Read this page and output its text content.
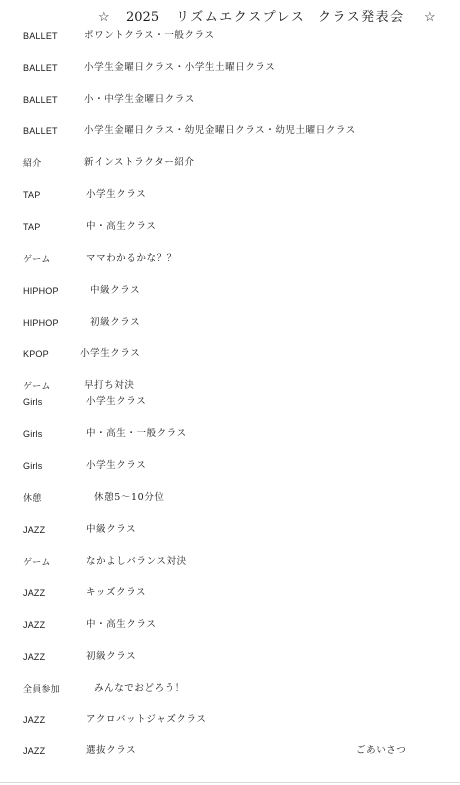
☆ 2025 リズムエクスプレス クラス発表会 ☆
BALLET	ポワントクラス・一般クラス
BALLET	小学生金曜日クラス・小学生土曜日クラス
BALLET	小・中学生金曜日クラス
BALLET	小学生金曜日クラス・幼児金曜日クラス・幼児土曜日クラス
紹介	新インストラクター紹介
TAP	小学生クラス
TAP	中・高生クラス
ゲーム	ママわかるかな？？
HIPHOP	中級クラス
HIPHOP	初級クラス
KPOP	小学生クラス
ゲーム	早打ち対決
Girls	小学生クラス
Girls	中・高生・一般クラス
Girls	小学生クラス
休憩	休憩5〜10分位
JAZZ	中級クラス
ゲーム	なかよしバランス対決
JAZZ	キッズクラス
JAZZ	中・高生クラス
JAZZ	初級クラス
全員参加	みんなでおどろう！
JAZZ	アクロバットジャズクラス
JAZZ	選抜クラス	ごあいさつ
